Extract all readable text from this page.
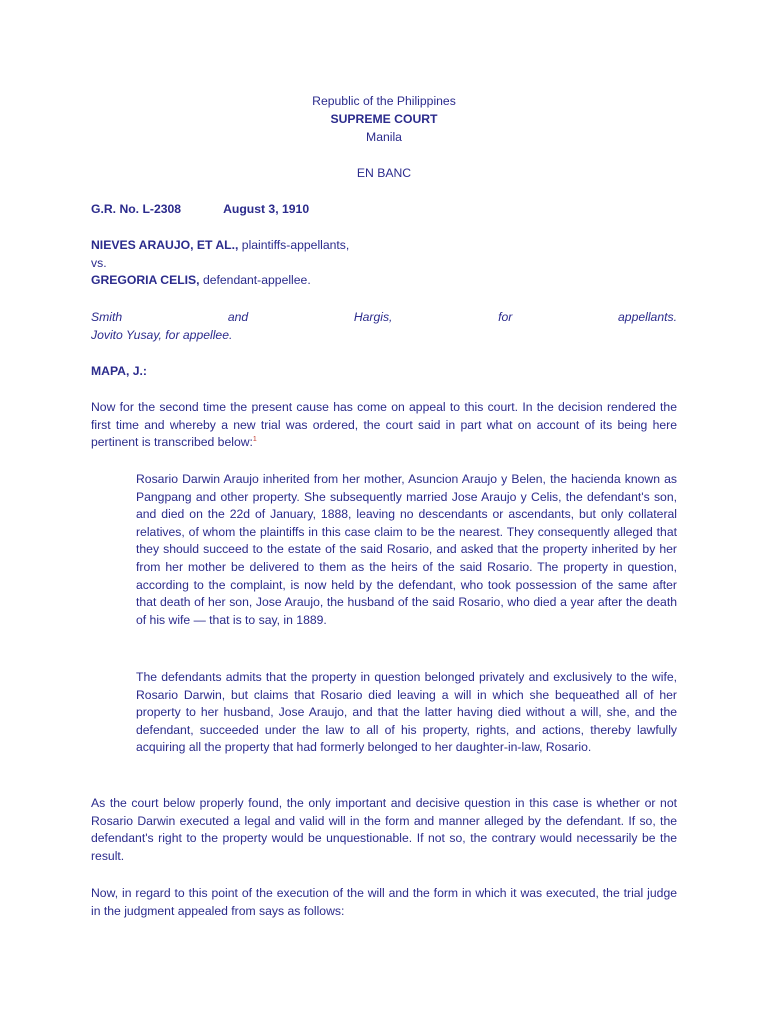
Republic of the Philippines
SUPREME COURT
Manila
EN BANC
G.R. No. L-2308	August 3, 1910
NIEVES ARAUJO, ET AL., plaintiffs-appellants,
vs.
GREGORIA CELIS, defendant-appellee.
Smith	and	Hargis,	for	appellants.
Jovito Yusay, for appellee.
MAPA, J.:

Now for the second time the present cause has come on appeal to this court. In the decision rendered the first time and whereby a new trial was ordered, the court said in part what on account of its being here pertinent is transcribed below:$^1$

Rosario Darwin Araujo inherited from her mother, Asuncion Araujo y Belen, the hacienda known as Pangpang and other property. She subsequently married Jose Araujo y Celis, the defendant's son, and died on the 22d of January, 1888, leaving no descendants or ascendants, but only collateral relatives, of whom the plaintiffs in this case claim to be the nearest. They consequently alleged that they should succeed to the estate of the said Rosario, and asked that the property inherited by her from her mother be delivered to them as the heirs of the said Rosario. The property in question, according to the complaint, is now held by the defendant, who took possession of the same after that death of her son, Jose Araujo, the husband of the said Rosario, who died a year after the death of his wife — that is to say, in 1889.

The defendants admits that the property in question belonged privately and exclusively to the wife, Rosario Darwin, but claims that Rosario died leaving a will in which she bequeathed all of her property to her husband, Jose Araujo, and that the latter having died without a will, she, and the defendant, succeeded under the law to all of his property, rights, and actions, thereby lawfully acquiring all the property that had formerly belonged to her daughter-in-law, Rosario.

As the court below properly found, the only important and decisive question in this case is whether or not Rosario Darwin executed a legal and valid will in the form and manner alleged by the defendant. If so, the defendant's right to the property would be unquestionable. If not so, the contrary would necessarily be the result.

Now, in regard to this point of the execution of the will and the form in which it was executed, the trial judge in the judgment appealed from says as follows:
